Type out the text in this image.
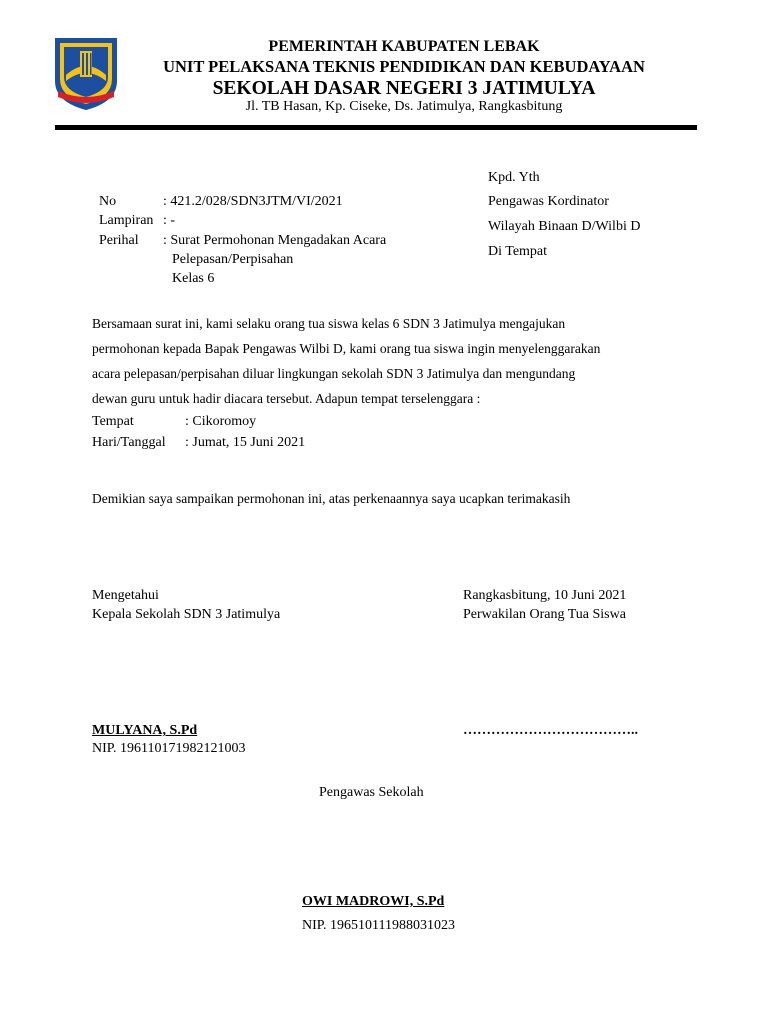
PEMERINTAH KABUPATEN LEBAK
UNIT PELAKSANA TEKNIS PENDIDIKAN DAN KEBUDAYAAN
SEKOLAH DASAR NEGERI 3 JATIMULYA
Jl. TB Hasan, Kp. Ciseke, Ds. Jatimulya, Rangkasbitung
Kpd. Yth
Pengawas Kordinator
Wilayah Binaan D/Wilbi D
Di Tempat
No	: 421.2/028/SDN3JTM/VI/2021
Lampiran : -
Perihal : Surat Permohonan Mengadakan Acara
Pelepasan/Perpisahan
Kelas 6
Bersamaan surat ini, kami selaku orang tua siswa kelas 6 SDN 3 Jatimulya mengajukan
permohonan kepada Bapak Pengawas Wilbi D, kami orang tua siswa ingin menyelenggarakan
acara pelepasan/perpisahan diluar lingkungan sekolah SDN 3 Jatimulya dan mengundang
dewan guru untuk hadir diacara tersebut. Adapun tempat terselenggara :
Tempat	: Cikoromoy
Hari/Tanggal : Jumat, 15 Juni 2021
Demikian saya sampaikan permohonan ini, atas perkenaannya saya ucapkan terimakasih
Mengetahui
Kepala Sekolah SDN 3 Jatimulya
Rangkasbitung, 10 Juni 2021
Perwakilan Orang Tua Siswa
MULYANA, S.Pd
NIP. 196110171982121003
………………………………..
Pengawas Sekolah
OWI MADROWI, S.Pd
NIP. 196510111988031023
